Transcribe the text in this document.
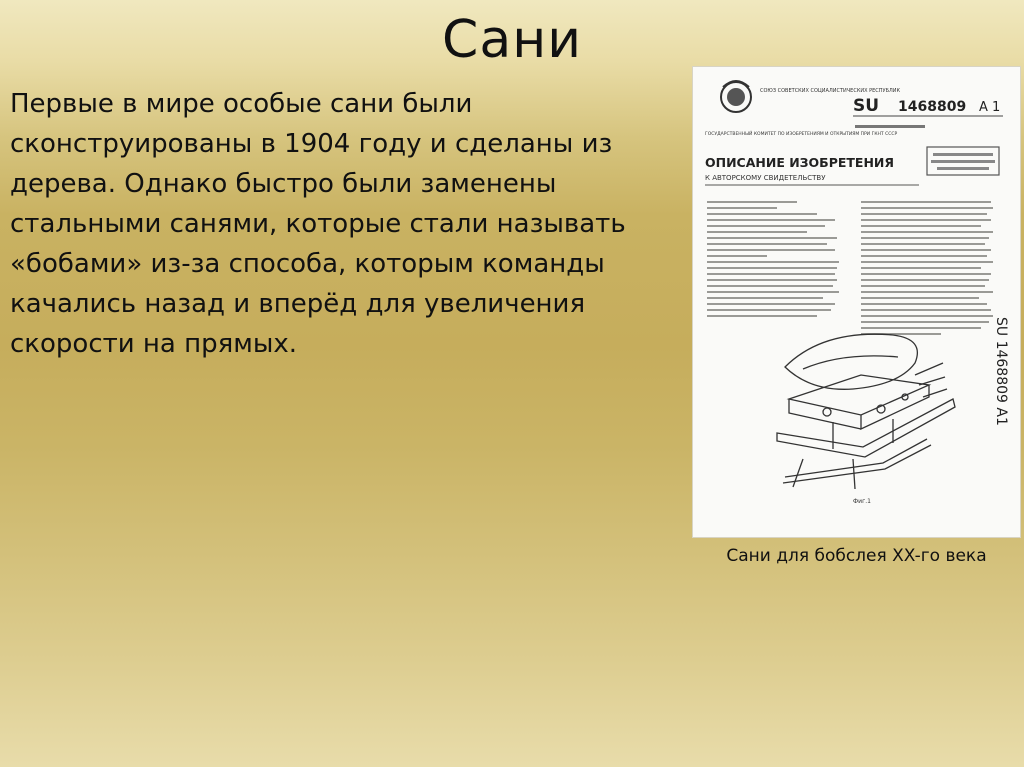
Сани
Первые в мире особые сани были сконструированы в 1904 году и сделаны из дерева. Однако быстро были заменены стальными санями, которые стали называть «бобами» из-за способа, которым команды качались назад и вперёд для увеличения скорости на прямых.
СОЮЗ СОВЕТСКИХ СОЦИАЛИСТИЧЕСКИХ РЕСПУБЛИК
SU 1468809 A 1
ГОСУДАРСТВЕННЫЙ КОМИТЕТ ПО ИЗОБРЕТЕНИЯМ И ОТКРЫТИЯМ ПРИ ГКНТ СССР
ОПИСАНИЕ ИЗОБРЕТЕНИЯ
К АВТОРСКОМУ СВИДЕТЕЛЬСТВУ
SU 1468809 A1
Фиг.1
Сани для бобслея XX-го века
